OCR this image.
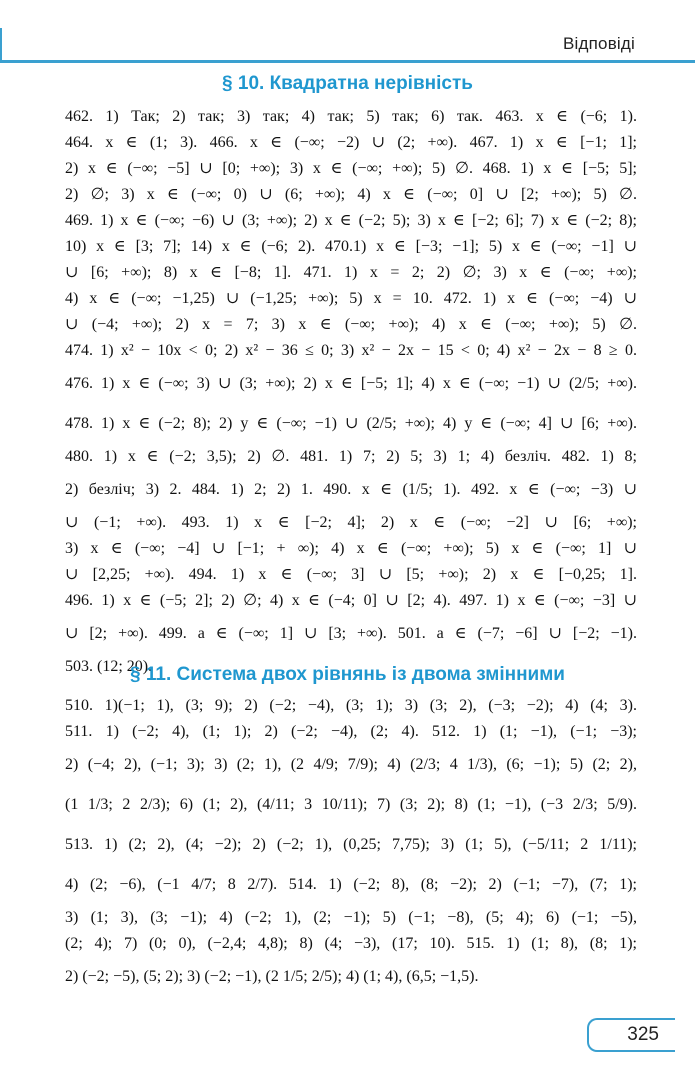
Відповіді
§ 10. Квадратна нерівність
462. 1) Так; 2) так; 3) так; 4) так; 5) так; 6) так. 463. x ∈ (−6; 1).
464. x ∈ (1; 3). 466. x ∈ (−∞; −2) ∪ (2; +∞). 467. 1) x ∈ [−1; 1];
2) x ∈ (−∞; −5] ∪ [0; +∞); 3) x ∈ (−∞; +∞); 5) ∅. 468. 1) x ∈ [−5; 5];
2) ∅; 3) x ∈ (−∞; 0) ∪ (6; +∞); 4) x ∈ (−∞; 0] ∪ [2; +∞); 5) ∅.
469. 1) x ∈ (−∞; −6) ∪ (3; +∞); 2) x ∈ (−2; 5); 3) x ∈ [−2; 6]; 7) x ∈ (−2; 8);
10) x ∈ [3; 7]; 14) x ∈ (−6; 2). 470.1) x ∈ [−3; −1]; 5) x ∈ (−∞; −1] ∪
∪ [6; +∞); 8) x ∈ [−8; 1]. 471. 1) x = 2; 2) ∅; 3) x ∈ (−∞; +∞);
4) x ∈ (−∞; −1,25) ∪ (−1,25; +∞); 5) x = 10. 472. 1) x ∈ (−∞; −4) ∪
∪ (−4; +∞); 2) x = 7; 3) x ∈ (−∞; +∞); 4) x ∈ (−∞; +∞); 5) ∅.
474. 1) x² − 10x < 0; 2) x² − 36 ≤ 0; 3) x² − 2x − 15 < 0; 4) x² − 2x − 8 ≥ 0.
476. 1) x ∈ (−∞; 3) ∪ (3; +∞); 2) x ∈ [−5; 1]; 4) x ∈ (−∞; −1) ∪ (2/5; +∞).
478. 1) x ∈ (−2; 8); 2) y ∈ (−∞; −1) ∪ (2/5; +∞); 4) y ∈ (−∞; 4] ∪ [6; +∞).
480. 1) x ∈ (−2; 3,5); 2) ∅. 481. 1) 7; 2) 5; 3) 1; 4) безліч. 482. 1) 8;
2) безліч; 3) 2. 484. 1) 2; 2) 1. 490. x ∈ (1/5; 1). 492. x ∈ (−∞; −3) ∪
∪ (−1; +∞). 493. 1) x ∈ [−2; 4]; 2) x ∈ (−∞; −2] ∪ [6; +∞);
3) x ∈ (−∞; −4] ∪ [−1; + ∞); 4) x ∈ (−∞; +∞); 5) x ∈ (−∞; 1] ∪
∪ [2,25; +∞). 494. 1) x ∈ (−∞; 3] ∪ [5; +∞); 2) x ∈ [−0,25; 1].
496. 1) x ∈ (−5; 2]; 2) ∅; 4) x ∈ (−4; 0] ∪ [2; 4). 497. 1) x ∈ (−∞; −3] ∪
∪ [2; +∞). 499. a ∈ (−∞; 1] ∪ [3; +∞). 501. a ∈ (−7; −6] ∪ [−2; −1).
503. (12; 20).
§ 11. Система двох рівнянь із двома змінними
510. 1)(−1; 1), (3; 9); 2) (−2; −4), (3; 1); 3) (3; 2), (−3; −2); 4) (4; 3).
511. 1) (−2; 4), (1; 1); 2) (−2; −4), (2; 4). 512. 1) (1; −1), (−1; −3);
2) (−4; 2), (−1; 3); 3) (2; 1), (2 4/9; 7/9); 4) (2/3; 4 1/3), (6; −1); 5) (2; 2),
(1 1/3; 2 2/3); 6) (1; 2), (4/11; 3 10/11); 7) (3; 2); 8) (1; −1), (−3 2/3; 5/9).
513. 1) (2; 2), (4; −2); 2) (−2; 1), (0,25; 7,75); 3) (1; 5), (−5/11; 2 1/11);
4) (2; −6), (−1 4/7; 8 2/7). 514. 1) (−2; 8), (8; −2); 2) (−1; −7), (7; 1);
3) (1; 3), (3; −1); 4) (−2; 1), (2; −1); 5) (−1; −8), (5; 4); 6) (−1; −5),
(2; 4); 7) (0; 0), (−2,4; 4,8); 8) (4; −3), (17; 10). 515. 1) (1; 8), (8; 1);
2) (−2; −5), (5; 2); 3) (−2; −1), (2 1/5; 2/5); 4) (1; 4), (6,5; −1,5).
325
